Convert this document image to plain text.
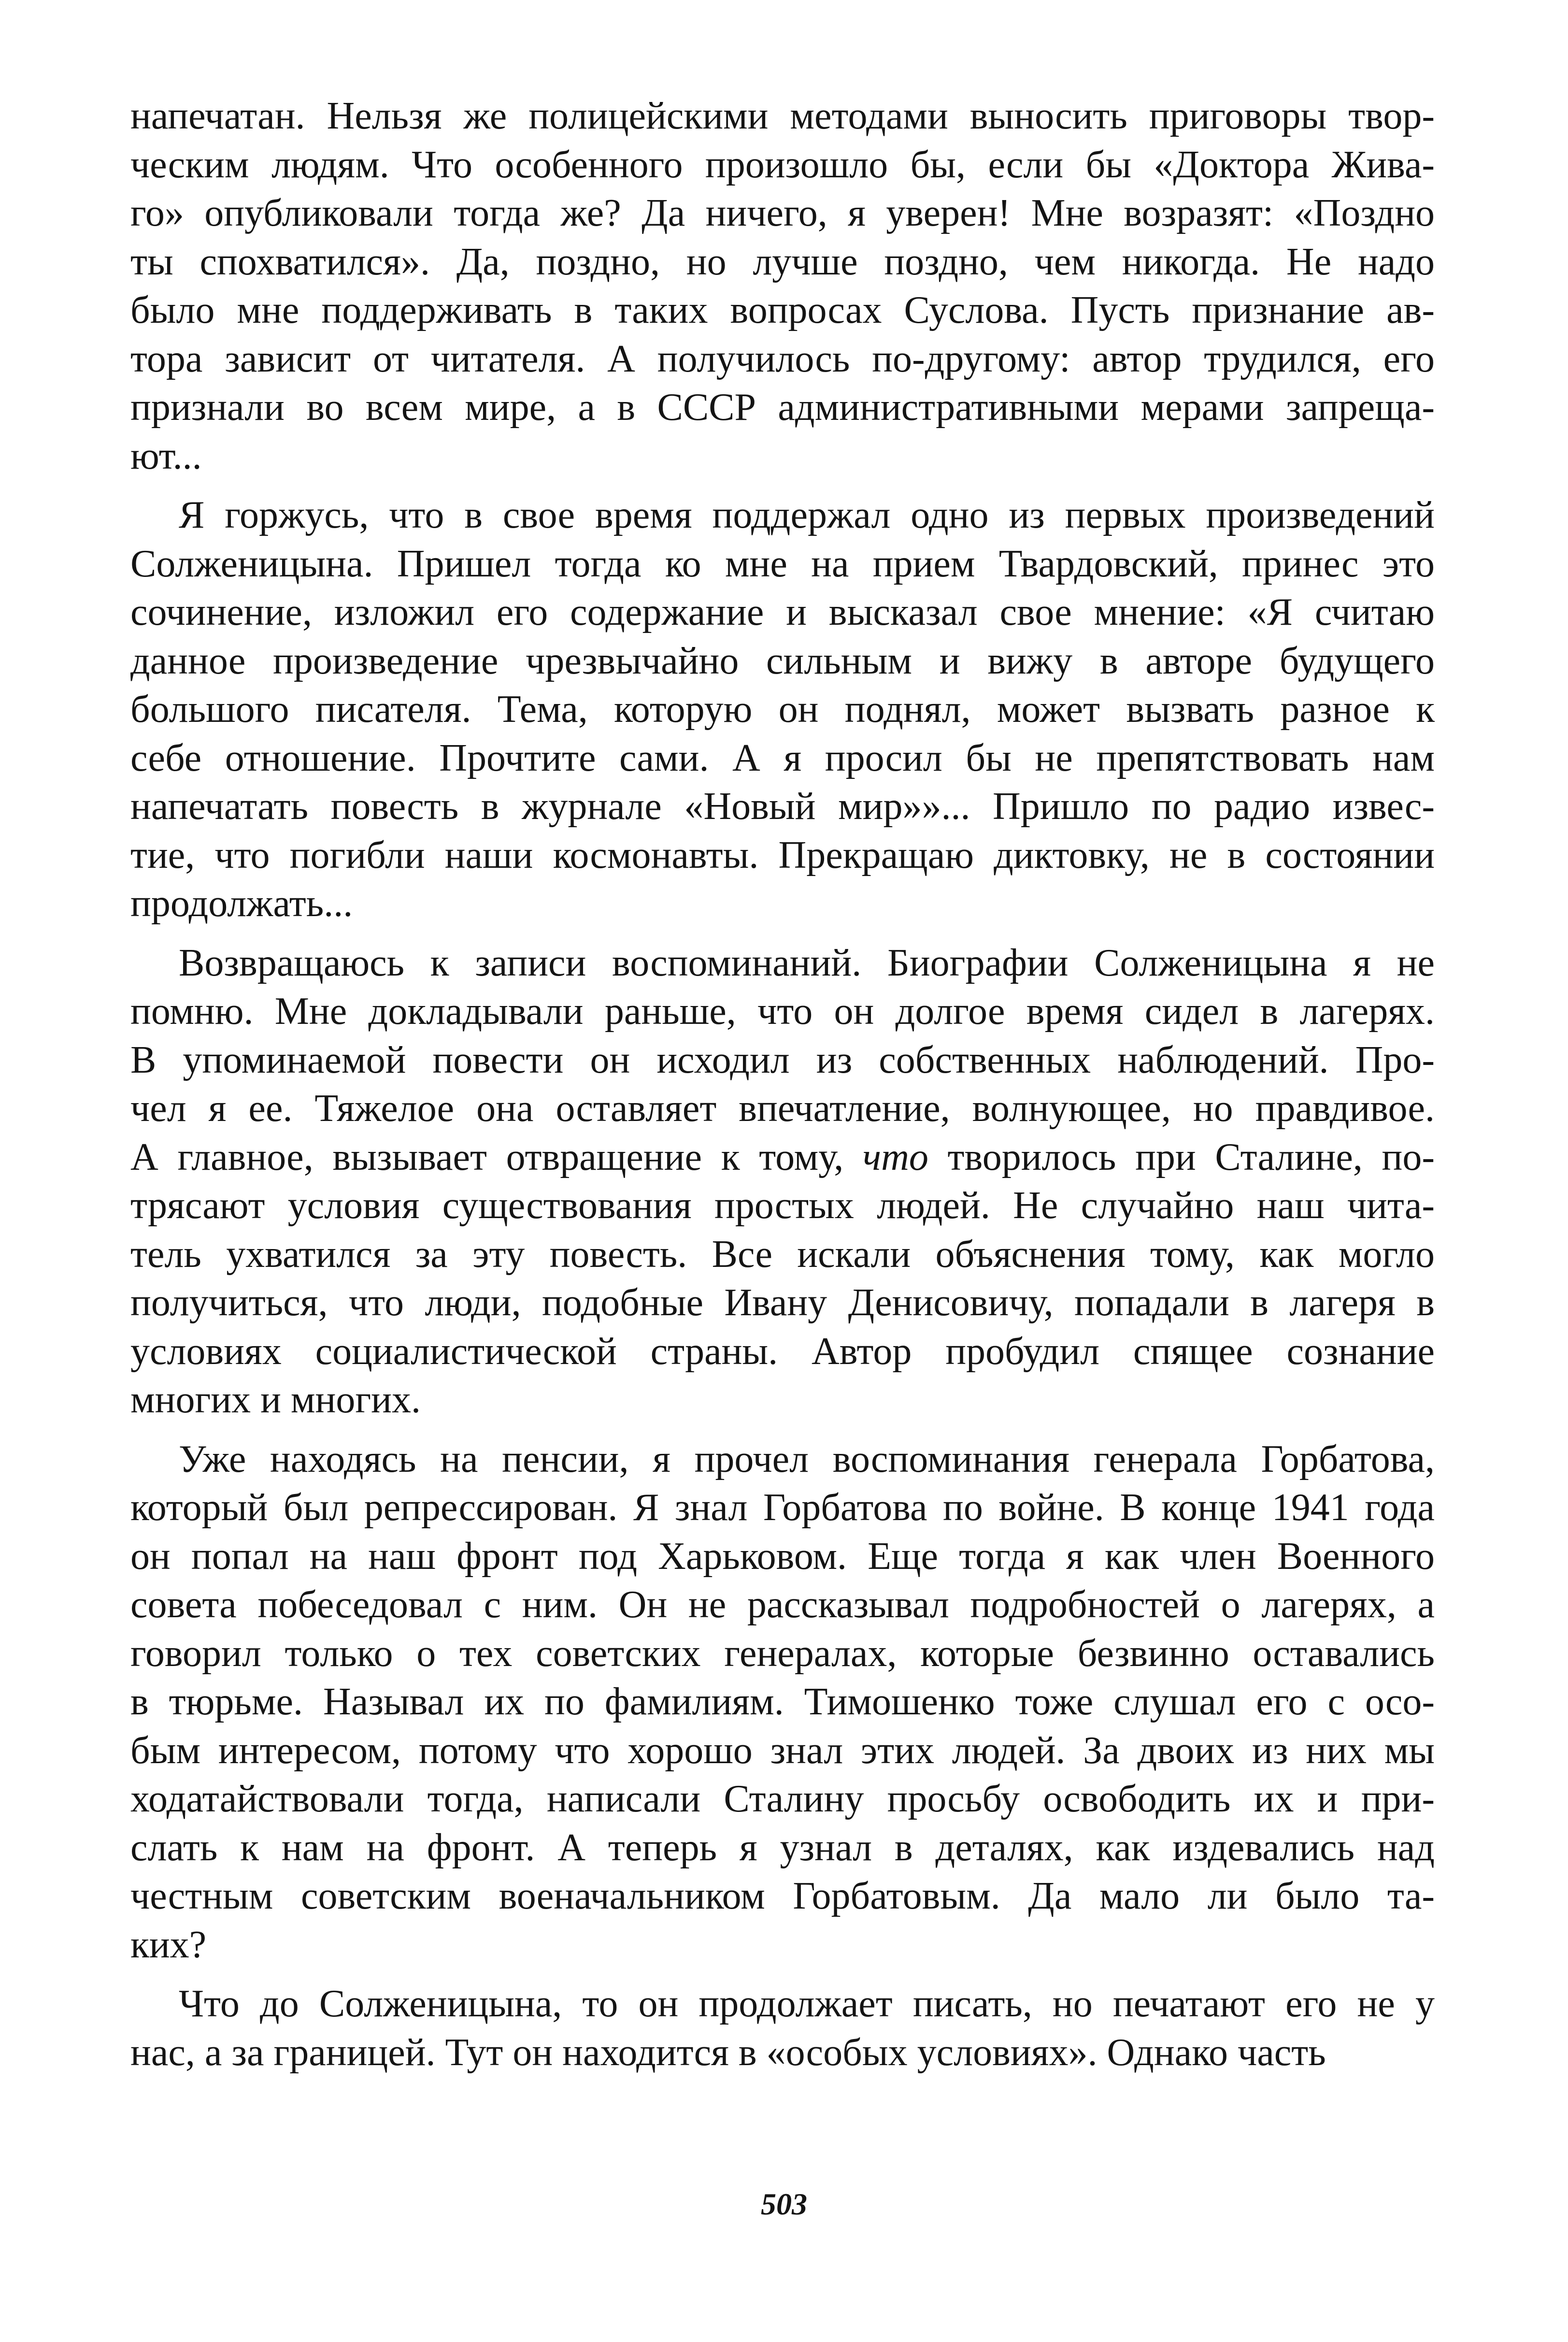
напечатан. Нельзя же полицейскими методами выносить приговоры твор-
ческим людям. Что особенного произошло бы, если бы «Доктора Жива-
го» опубликовали тогда же? Да ничего, я уверен! Мне возразят: «Поздно
ты спохватился». Да, поздно, но лучше поздно, чем никогда. Не надо
было мне поддерживать в таких вопросах Суслова. Пусть признание ав-
тора зависит от читателя. А получилось по-другому: автор трудился, его
признали во всем мире, а в СССР административными мерами запреща-
ют...
Я горжусь, что в свое время поддержал одно из первых произведений
Солженицына. Пришел тогда ко мне на прием Твардовский, принес это
сочинение, изложил его содержание и высказал свое мнение: «Я считаю
данное произведение чрезвычайно сильным и вижу в авторе будущего
большого писателя. Тема, которую он поднял, может вызвать разное к
себе отношение. Прочтите сами. А я просил бы не препятствовать нам
напечатать повесть в журнале «Новый мир»»... Пришло по радио извес-
тие, что погибли наши космонавты. Прекращаю диктовку, не в состоянии
продолжать...
Возвращаюсь к записи воспоминаний. Биографии Солженицына я не
помню. Мне докладывали раньше, что он долгое время сидел в лагерях.
В упоминаемой повести он исходил из собственных наблюдений. Про-
чел я ее. Тяжелое она оставляет впечатление, волнующее, но правдивое.
А главное, вызывает отвращение к тому, что творилось при Сталине, по-
трясают условия существования простых людей. Не случайно наш чита-
тель ухватился за эту повесть. Все искали объяснения тому, как могло
получиться, что люди, подобные Ивану Денисовичу, попадали в лагеря в
условиях социалистической страны. Автор пробудил спящее сознание
многих и многих.
Уже находясь на пенсии, я прочел воспоминания генерала Горбатова,
который был репрессирован. Я знал Горбатова по войне. В конце 1941 года
он попал на наш фронт под Харьковом. Еще тогда я как член Военного
совета побеседовал с ним. Он не рассказывал подробностей о лагерях, а
говорил только о тех советских генералах, которые безвинно оставались
в тюрьме. Называл их по фамилиям. Тимошенко тоже слушал его с осо-
бым интересом, потому что хорошо знал этих людей. За двоих из них мы
ходатайствовали тогда, написали Сталину просьбу освободить их и при-
слать к нам на фронт. А теперь я узнал в деталях, как издевались над
честным советским военачальником Горбатовым. Да мало ли было та-
ких?
Что до Солженицына, то он продолжает писать, но печатают его не у
нас, а за границей. Тут он находится в «особых условиях». Однако часть
503
